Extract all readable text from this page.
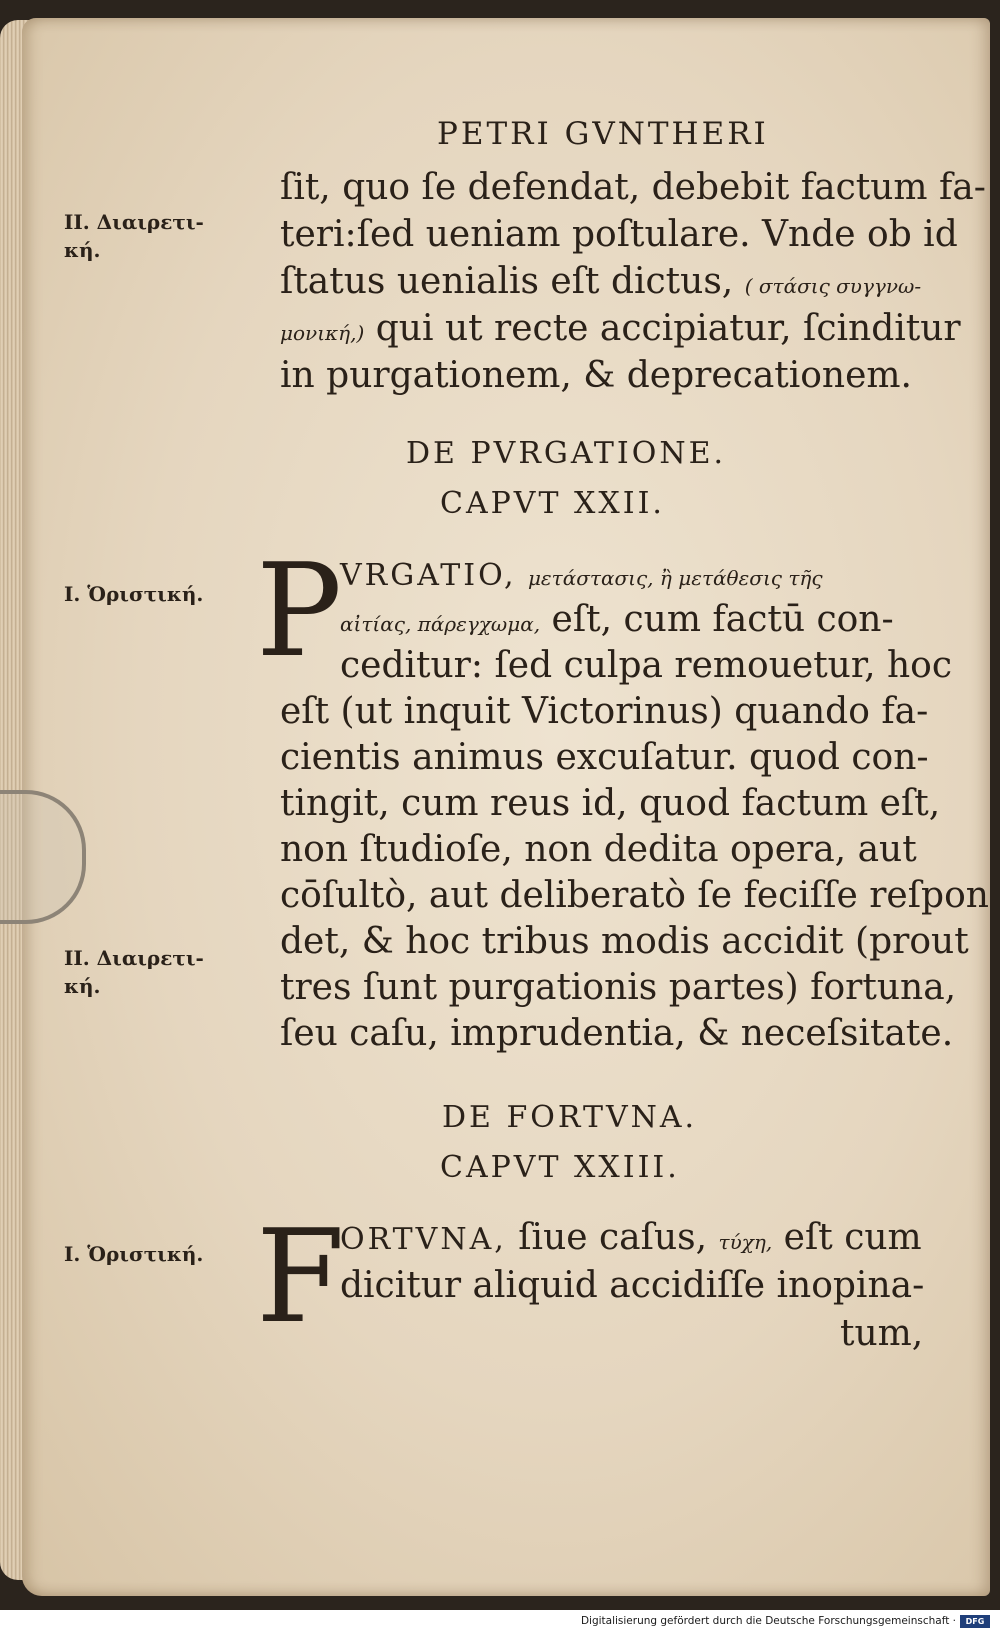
PETRI GVNTHERI
ſit, quo ſe defendat, debebit factum fa-
teri:ſed ueniam poſtulare. Vnde ob id
ſtatus uenialis eſt dictus, ( στάσις συγγνω-
μονική,) qui ut recte accipiatur, ſcinditur
in purgationem, & deprecationem.
II. Διαιρετι-
κή.
I. Ὁριστική.
II. Διαιρετι-
κή.
I. Ὁριστική.
DE PVRGATIONE.
CAPVT XXII.
P
VRGATIO, μετάστασις, ἢ μετάθεσις τῆς
αἰτίας, πάρεγχωμα, eſt, cum factū con-
ceditur: ſed culpa remouetur, hoc
eſt (ut inquit Victorinus) quando fa-
cientis animus excuſatur. quod con-
tingit, cum reus id, quod factum eſt,
non ſtudioſe, non dedita opera, aut
cōſultò, aut deliberatò ſe feciſſe reſpon
det, & hoc tribus modis accidit (prout
tres ſunt purgationis partes) fortuna,
ſeu caſu, imprudentia, & neceſsitate.
DE FORTVNA.
CAPVT XXIII.
F
ORTVNA, ſiue caſus, τύχη, eſt cum
dicitur aliquid accidiſſe inopina-
tum,
Digitalisierung gefördert durch die Deutsche Forschungsgemeinschaft ·	DFG
